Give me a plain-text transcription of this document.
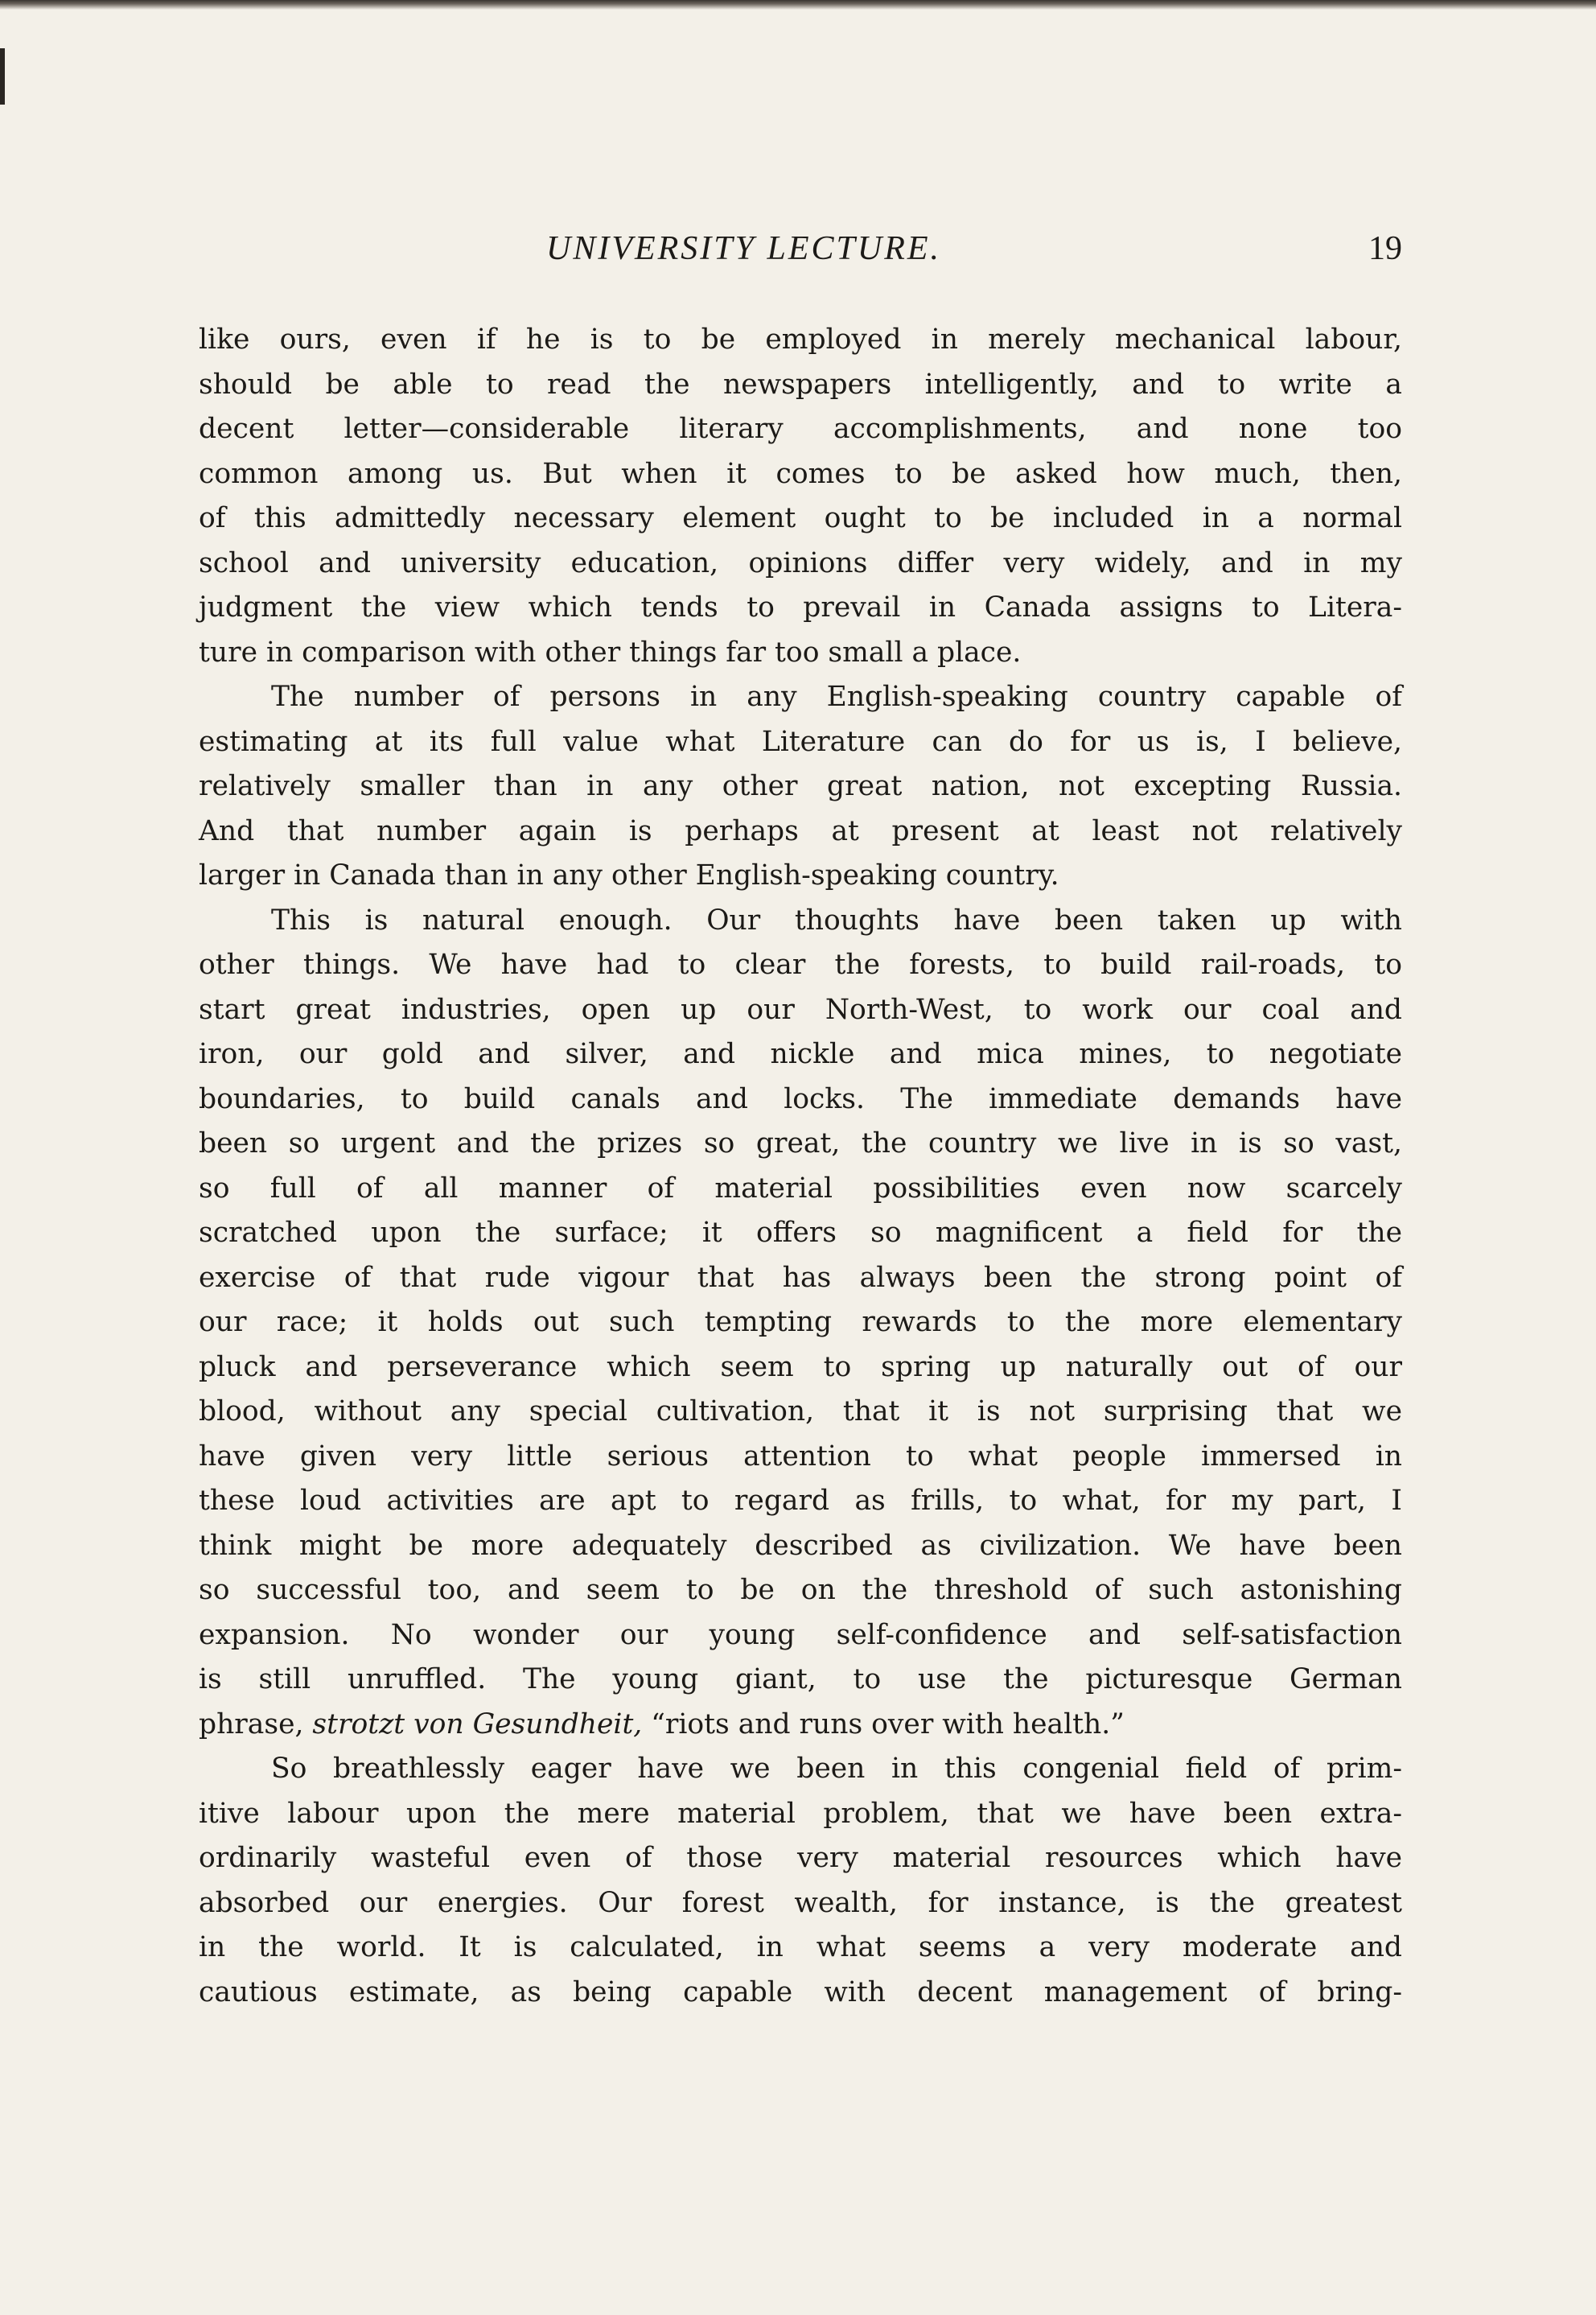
UNIVERSITY LECTURE.	19

like ours, even if he is to be employed in merely mechanical labour,
should be able to read the newspapers intelligently, and to write a
decent letter—considerable literary accomplishments, and none too
common among us. But when it comes to be asked how much, then,
of this admittedly necessary element ought to be included in a normal
school and university education, opinions differ very widely, and in my
judgment the view which tends to prevail in Canada assigns to Litera-
ture in comparison with other things far too small a place.

The number of persons in any English-speaking country capable of
estimating at its full value what Literature can do for us is, I believe,
relatively smaller than in any other great nation, not excepting Russia.
And that number again is perhaps at present at least not relatively
larger in Canada than in any other English-speaking country.

This is natural enough. Our thoughts have been taken up with
other things. We have had to clear the forests, to build rail-roads, to
start great industries, open up our North-West, to work our coal and
iron, our gold and silver, and nickle and mica mines, to negotiate
boundaries, to build canals and locks. The immediate demands have
been so urgent and the prizes so great, the country we live in is so vast,
so full of all manner of material possibilities even now scarcely
scratched upon the surface; it offers so magnificent a field for the
exercise of that rude vigour that has always been the strong point of
our race; it holds out such tempting rewards to the more elementary
pluck and perseverance which seem to spring up naturally out of our
blood, without any special cultivation, that it is not surprising that we
have given very little serious attention to what people immersed in
these loud activities are apt to regard as frills, to what, for my part, I
think might be more adequately described as civilization. We have been
so successful too, and seem to be on the threshold of such astonishing
expansion. No wonder our young self-confidence and self-satisfaction
is still unruffled. The young giant, to use the picturesque German
phrase, strotzt von Gesundheit, “riots and runs over with health.”

So breathlessly eager have we been in this congenial field of prim-
itive labour upon the mere material problem, that we have been extra-
ordinarily wasteful even of those very material resources which have
absorbed our energies. Our forest wealth, for instance, is the greatest
in the world. It is calculated, in what seems a very moderate and
cautious estimate, as being capable with decent management of bring-
